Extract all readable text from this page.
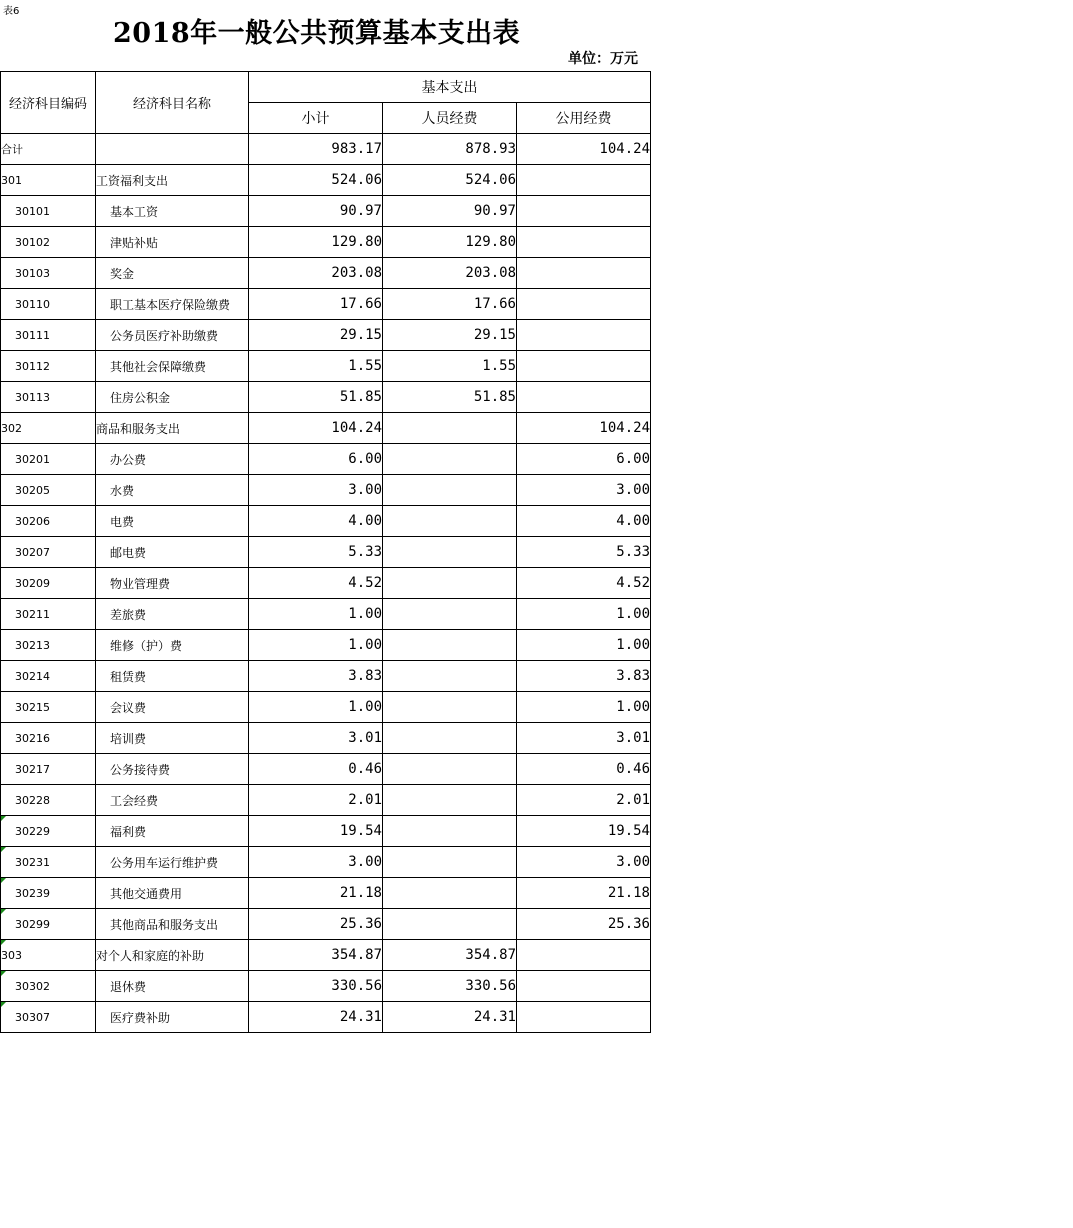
表6
2018年一般公共预算基本支出表
单位：万元
经济科目编码	经济科目名称	基本支出		
		小计	人员经费	公用经费
合计		983.17	878.93	104.24
301	工资福利支出	524.06	524.06	
30101	基本工资	90.97	90.97	
30102	津贴补贴	129.80	129.80	
30103	奖金	203.08	203.08	
30110	职工基本医疗保险缴费	17.66	17.66	
30111	公务员医疗补助缴费	29.15	29.15	
30112	其他社会保障缴费	1.55	1.55	
30113	住房公积金	51.85	51.85	
302	商品和服务支出	104.24		104.24
30201	办公费	6.00		6.00
30205	水费	3.00		3.00
30206	电费	4.00		4.00
30207	邮电费	5.33		5.33
30209	物业管理费	4.52		4.52
30211	差旅费	1.00		1.00
30213	维修（护）费	1.00		1.00
30214	租赁费	3.83		3.83
30215	会议费	1.00		1.00
30216	培训费	3.01		3.01
30217	公务接待费	0.46		0.46
30228	工会经费	2.01		2.01
30229	福利费	19.54		19.54
30231	公务用车运行维护费	3.00		3.00
30239	其他交通费用	21.18		21.18
30299	其他商品和服务支出	25.36		25.36
303	对个人和家庭的补助	354.87	354.87	
30302	退休费	330.56	330.56	
30307	医疗费补助	24.31	24.31	
